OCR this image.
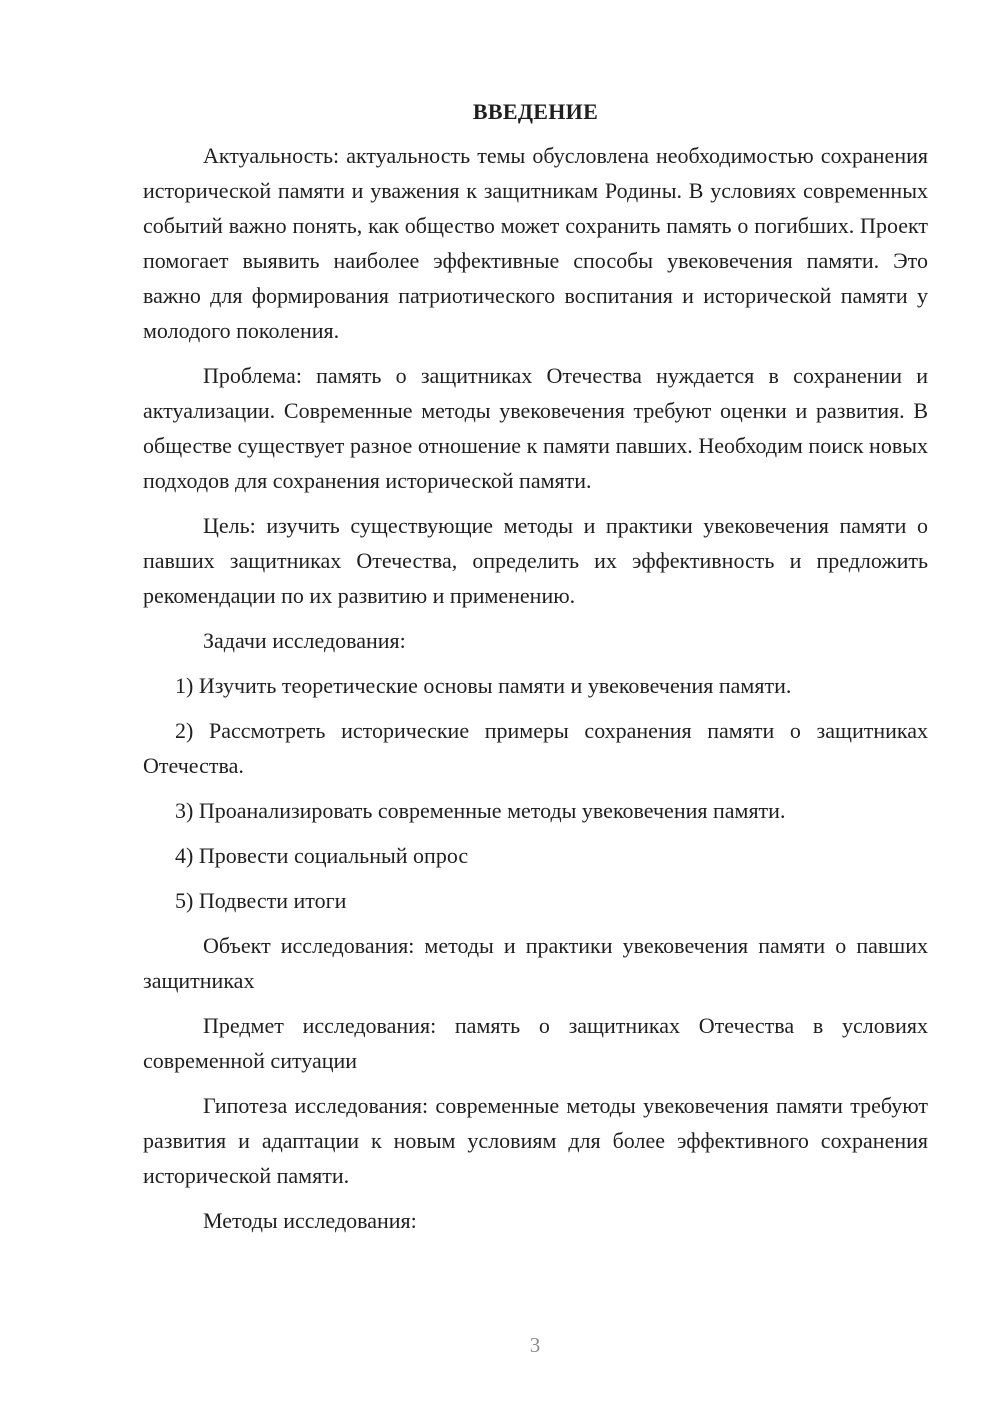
ВВЕДЕНИЕ

Актуальность: актуальность темы обусловлена необходимостью сохранения исторической памяти и уважения к защитникам Родины. В условиях современных событий важно понять, как общество может сохранить память о погибших. Проект помогает выявить наиболее эффективные способы увековечения памяти. Это важно для формирования патриотического воспитания и исторической памяти у молодого поколения.

Проблема: память о защитниках Отечества нуждается в сохранении и актуализации. Современные методы увековечения требуют оценки и развития. В обществе существует разное отношение к памяти павших. Необходим поиск новых подходов для сохранения исторической памяти.

Цель: изучить существующие методы и практики увековечения памяти о павших защитниках Отечества, определить их эффективность и предложить рекомендации по их развитию и применению.

Задачи исследования:

1) Изучить теоретические основы памяти и увековечения памяти.

2) Рассмотреть исторические примеры сохранения памяти о защитниках Отечества.

3) Проанализировать современные методы увековечения памяти.

4) Провести социальный опрос

5) Подвести итоги

Объект исследования: методы и практики увековечения памяти о павших защитниках

Предмет исследования: память о защитниках Отечества в условиях современной ситуации

Гипотеза исследования: современные методы увековечения памяти требуют развития и адаптации к новым условиям для более эффективного сохранения исторической памяти.

Методы исследования:

3
